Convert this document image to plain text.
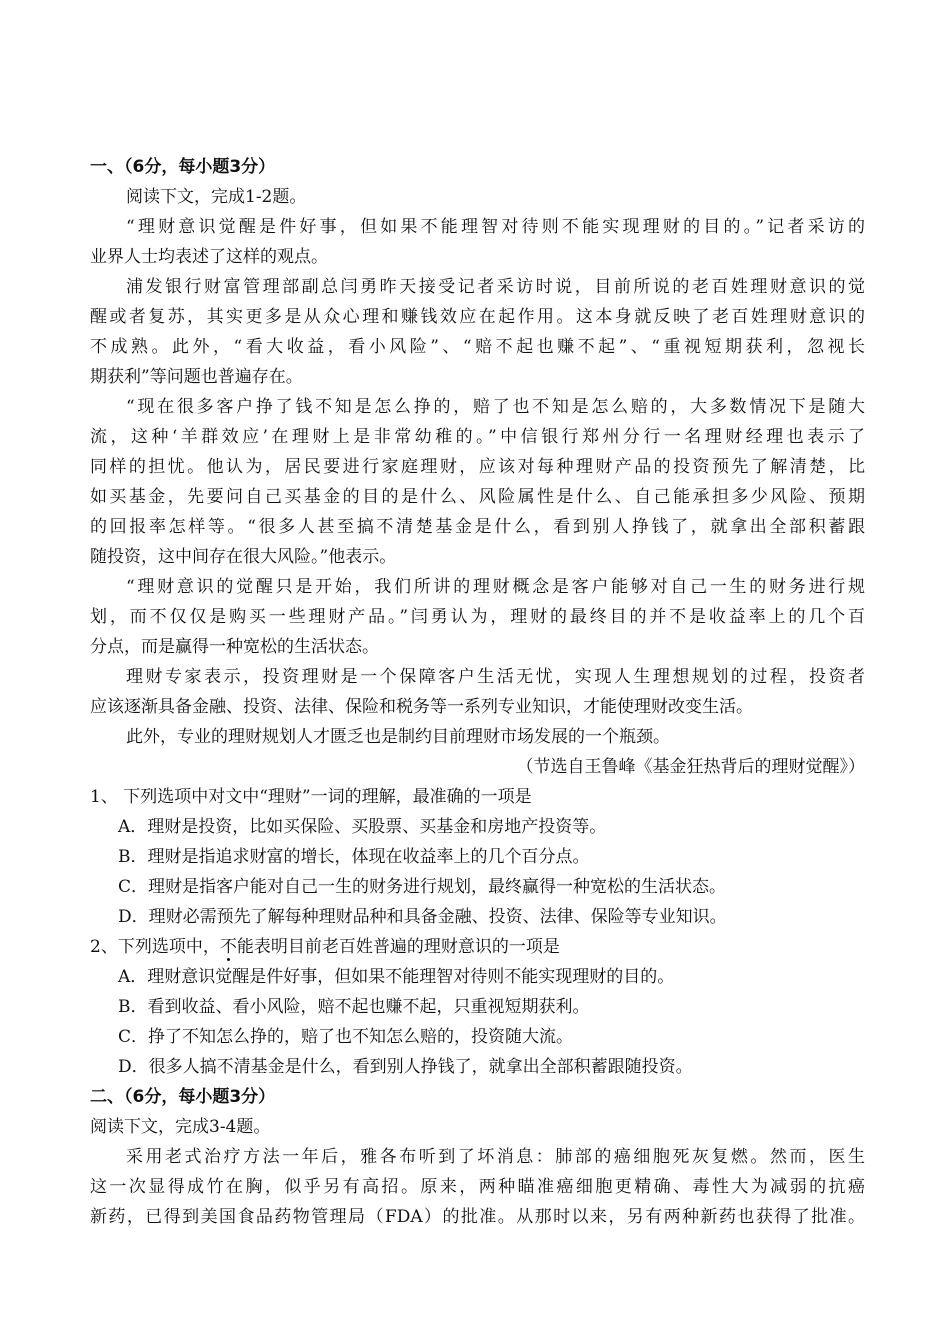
一、（6分，每小题3分）
阅读下文，完成1-2题。
“理财意识觉醒是件好事，但如果不能理智对待则不能实现理财的目的。”记者采访的
业界人士均表述了这样的观点。
浦发银行财富管理部副总闫勇昨天接受记者采访时说，目前所说的老百姓理财意识的觉
醒或者复苏，其实更多是从众心理和赚钱效应在起作用。这本身就反映了老百姓理财意识的
不成熟。此外，“看大收益，看小风险”、“赔不起也赚不起”、“重视短期获利，忽视长
期获利”等问题也普遍存在。
“现在很多客户挣了钱不知是怎么挣的，赔了也不知是怎么赔的，大多数情况下是随大
流，这种‘羊群效应’在理财上是非常幼稚的。”中信银行郑州分行一名理财经理也表示了
同样的担忧。他认为，居民要进行家庭理财，应该对每种理财产品的投资预先了解清楚，比
如买基金，先要问自己买基金的目的是什么、风险属性是什么、自己能承担多少风险、预期
的回报率怎样等。“很多人甚至搞不清楚基金是什么，看到别人挣钱了，就拿出全部积蓄跟
随投资，这中间存在很大风险。”他表示。
“理财意识的觉醒只是开始，我们所讲的理财概念是客户能够对自己一生的财务进行规
划，而不仅仅是购买一些理财产品。”闫勇认为，理财的最终目的并不是收益率上的几个百
分点，而是赢得一种宽松的生活状态。
理财专家表示，投资理财是一个保障客户生活无忧，实现人生理想规划的过程，投资者
应该逐渐具备金融、投资、法律、保险和税务等一系列专业知识，才能使理财改变生活。
此外，专业的理财规划人才匮乏也是制约目前理财市场发展的一个瓶颈。
（节选自王鲁峰《基金狂热背后的理财觉醒》）
1、 下列选项中对文中“理财”一词的理解，最准确的一项是
A．理财是投资，比如买保险、买股票、买基金和房地产投资等。
B．理财是指追求财富的增长，体现在收益率上的几个百分点。
C．理财是指客户能对自己一生的财务进行规划，最终赢得一种宽松的生活状态。
D．理财必需预先了解每种理财品种和具备金融、投资、法律、保险等专业知识。
2、下列选项中，不能表明目前老百姓普遍的理财意识的一项是
A．理财意识觉醒是件好事，但如果不能理智对待则不能实现理财的目的。
B．看到收益、看小风险，赔不起也赚不起，只重视短期获利。
C．挣了不知怎么挣的，赔了也不知怎么赔的，投资随大流。
D．很多人搞不清基金是什么，看到别人挣钱了，就拿出全部积蓄跟随投资。
二、（6分，每小题3分）
阅读下文，完成3-4题。
采用老式治疗方法一年后，雅各布听到了坏消息：肺部的癌细胞死灰复燃。然而，医生
这一次显得成竹在胸，似乎另有高招。原来，两种瞄准癌细胞更精确、毒性大为减弱的抗癌
新药，已得到美国食品药物管理局（FDA）的批准。从那时以来，另有两种新药也获得了批准。
